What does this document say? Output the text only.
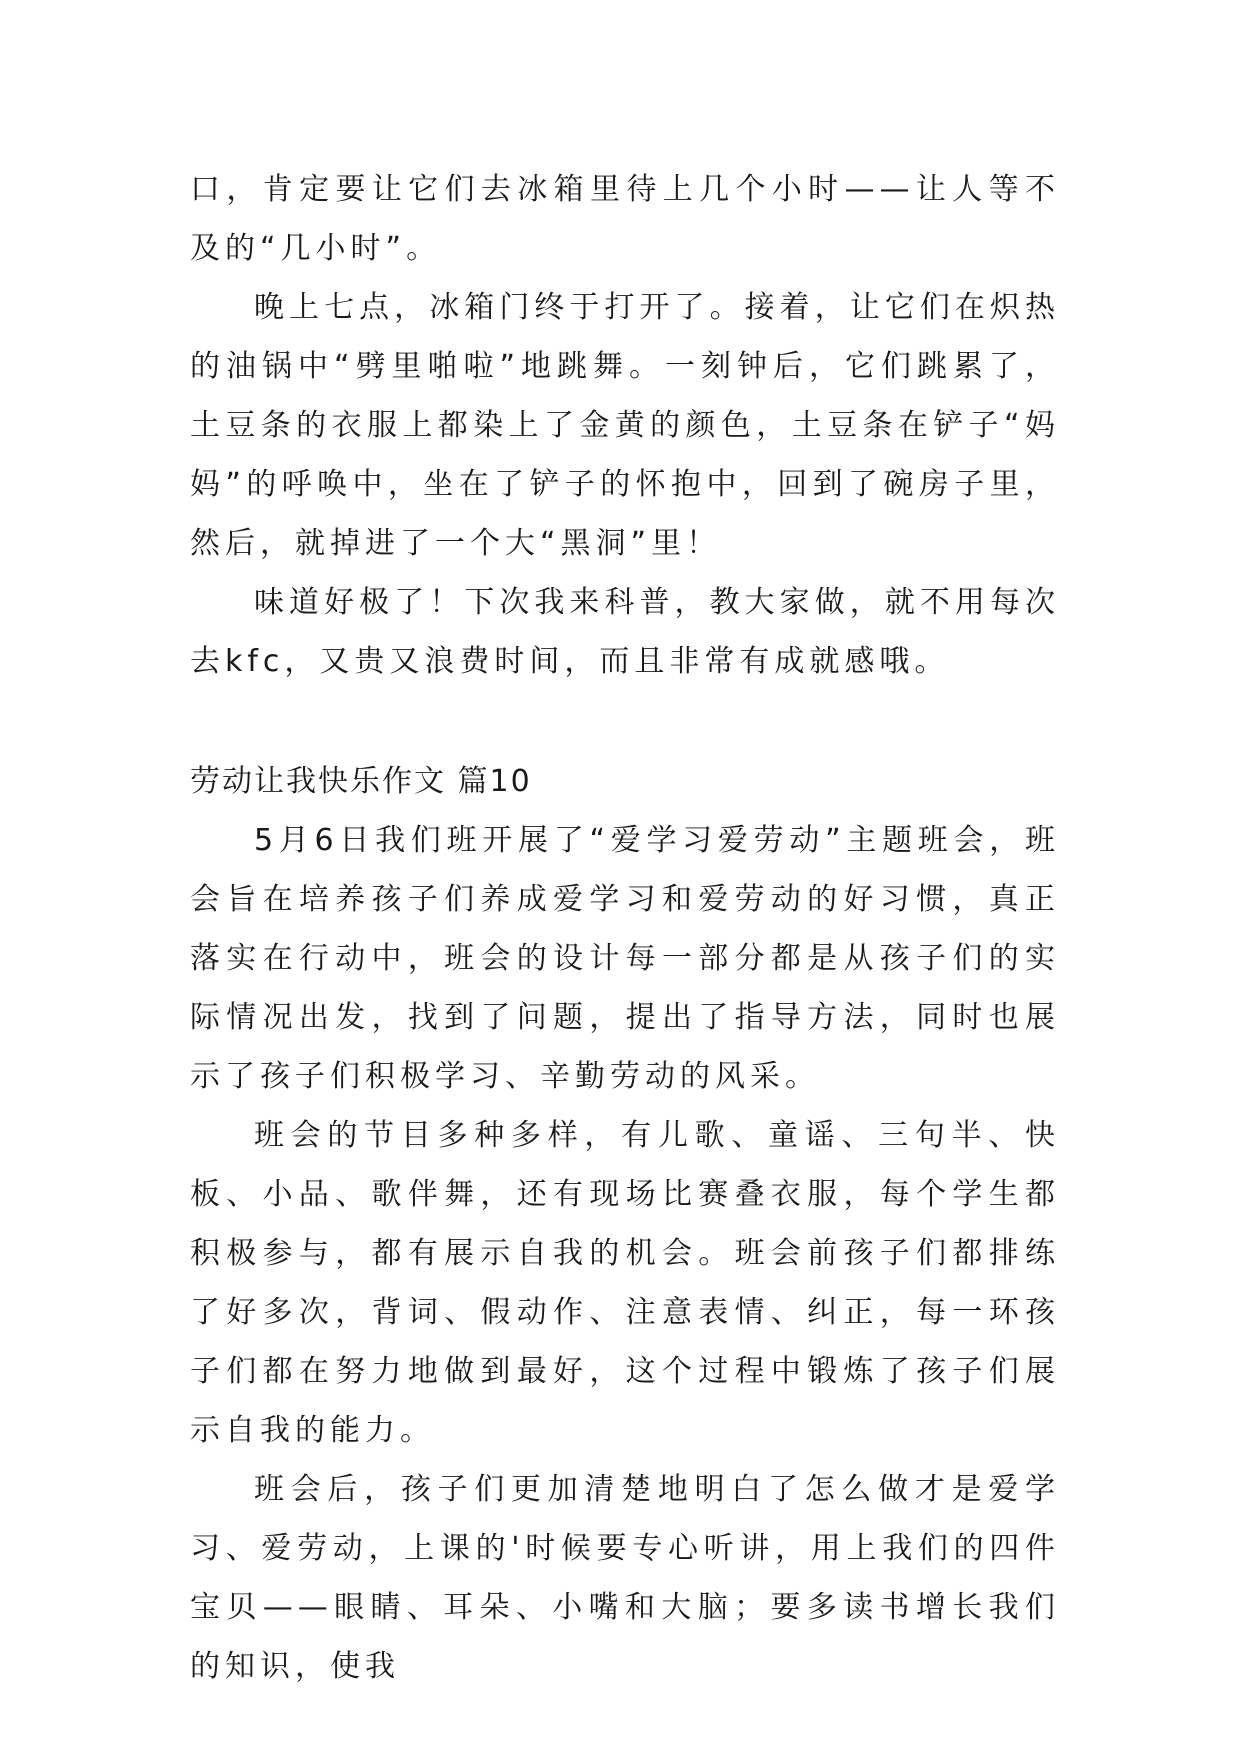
口，肯定要让它们去冰箱里待上几个小时——让人等不及的“几小时”。

晚上七点，冰箱门终于打开了。接着，让它们在炽热的油锅中“劈里啪啦”地跳舞。一刻钟后，它们跳累了，土豆条的衣服上都染上了金黄的颜色，土豆条在铲子“妈妈”的呼唤中，坐在了铲子的怀抱中，回到了碗房子里，然后，就掉进了一个大“黑洞”里！

味道好极了！下次我来科普，教大家做，就不用每次去kfc，又贵又浪费时间，而且非常有成就感哦。

劳动让我快乐作文 篇10

5月6日我们班开展了“爱学习爱劳动”主题班会，班会旨在培养孩子们养成爱学习和爱劳动的好习惯，真正落实在行动中，班会的设计每一部分都是从孩子们的实际情况出发，找到了问题，提出了指导方法，同时也展示了孩子们积极学习、辛勤劳动的风采。

班会的节目多种多样，有儿歌、童谣、三句半、快板、小品、歌伴舞，还有现场比赛叠衣服，每个学生都积极参与，都有展示自我的机会。班会前孩子们都排练了好多次，背词、假动作、注意表情、纠正，每一环孩子们都在努力地做到最好，这个过程中锻炼了孩子们展示自我的能力。

班会后，孩子们更加清楚地明白了怎么做才是爱学习、爱劳动，上课的'时候要专心听讲，用上我们的四件宝贝——眼睛、耳朵、小嘴和大脑；要多读书增长我们的知识，使我
